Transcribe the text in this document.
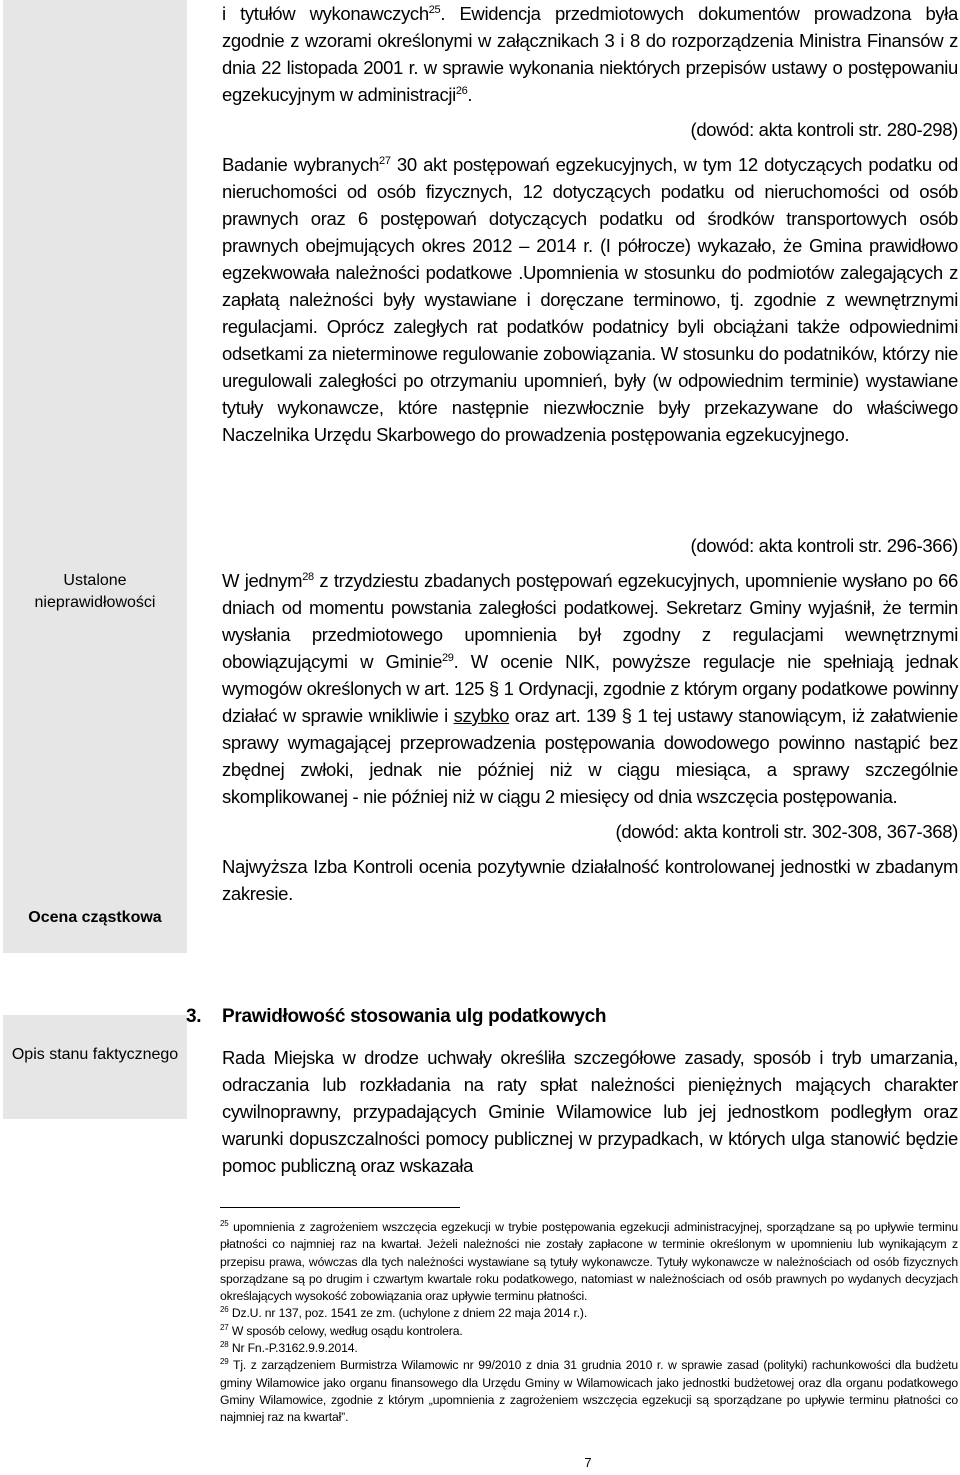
Ustalone nieprawidłowości
Ocena cząstkowa
Opis stanu faktycznego

i tytułów wykonawczych$^{25}$. Ewidencja przedmiotowych dokumentów prowadzona była zgodnie z wzorami określonymi w załącznikach 3 i 8 do rozporządzenia Ministra Finansów z dnia 22 listopada 2001 r. w sprawie wykonania niektórych przepisów ustawy o postępowaniu egzekucyjnym w administracji$^{26}$.

(dowód: akta kontroli str. 280-298)

Badanie wybranych$^{27}$ 30 akt postępowań egzekucyjnych, w tym 12 dotyczących podatku od nieruchomości od osób fizycznych, 12 dotyczących podatku od nieruchomości od osób prawnych oraz 6 postępowań dotyczących podatku od środków transportowych osób prawnych obejmujących okres 2012 – 2014 r. (I półrocze) wykazało, że Gmina prawidłowo egzekwowała należności podatkowe .Upomnienia w stosunku do podmiotów zalegających z zapłatą należności były wystawiane i doręczane terminowo, tj. zgodnie z wewnętrznymi regulacjami. Oprócz zaległych rat podatków podatnicy byli obciążani także odpowiednimi odsetkami za nieterminowe regulowanie zobowiązania. W stosunku do podatników, którzy nie uregulowali zaległości po otrzymaniu upomnień, były (w odpowiednim terminie) wystawiane tytuły wykonawcze, które następnie niezwłocznie były przekazywane do właściwego Naczelnika Urzędu Skarbowego do prowadzenia postępowania egzekucyjnego.

(dowód: akta kontroli str. 296-366)

W jednym$^{28}$ z trzydziestu zbadanych postępowań egzekucyjnych, upomnienie wysłano po 66 dniach od momentu powstania zaległości podatkowej. Sekretarz Gminy wyjaśnił, że termin wysłania przedmiotowego upomnienia był zgodny z regulacjami wewnętrznymi obowiązującymi w Gminie$^{29}$. W ocenie NIK, powyższe regulacje nie spełniają jednak wymogów określonych w art. 125 § 1 Ordynacji, zgodnie z którym organy podatkowe powinny działać w sprawie wnikliwie i szybko oraz art. 139 § 1 tej ustawy stanowiącym, iż załatwienie sprawy wymagającej przeprowadzenia postępowania dowodowego powinno nastąpić bez zbędnej zwłoki, jednak nie później niż w ciągu miesiąca, a sprawy szczególnie skomplikowanej - nie później niż w ciągu 2 miesięcy od dnia wszczęcia postępowania.

(dowód: akta kontroli str. 302-308, 367-368)

Najwyższa Izba Kontroli ocenia pozytywnie działalność kontrolowanej jednostki w zbadanym zakresie.

3. Prawidłowość stosowania ulg podatkowych

Rada Miejska w drodze uchwały określiła szczegółowe zasady, sposób i tryb umarzania, odraczania lub rozkładania na raty spłat należności pieniężnych mających charakter cywilnoprawny, przypadających Gminie Wilamowice lub jej jednostkom podległym oraz warunki dopuszczalności pomocy publicznej w przypadkach, w których ulga stanowić będzie pomoc publiczną oraz wskazała

$^{25}$ upomnienia z zagrożeniem wszczęcia egzekucji w trybie postępowania egzekucji administracyjnej, sporządzane są po upływie terminu płatności co najmniej raz na kwartał. Jeżeli należności nie zostały zapłacone w terminie określonym w upomnieniu lub wynikającym z przepisu prawa, wówczas dla tych należności wystawiane są tytuły wykonawcze. Tytuły wykonawcze w należnościach od osób fizycznych sporządzane są po drugim i czwartym kwartale roku podatkowego, natomiast w należnościach od osób prawnych po wydanych decyzjach określających wysokość zobowiązania oraz upływie terminu płatności.

$^{26}$ Dz.U. nr 137, poz. 1541 ze zm. (uchylone z dniem 22 maja 2014 r.).

$^{27}$ W sposób celowy, według osądu kontrolera.

$^{28}$ Nr Fn.-P.3162.9.9.2014.

$^{29}$ Tj. z zarządzeniem Burmistrza Wilamowic nr 99/2010 z dnia 31 grudnia 2010 r. w sprawie zasad (polityki) rachunkowości dla budżetu gminy Wilamowice jako organu finansowego dla Urzędu Gminy w Wilamowicach jako jednostki budżetowej oraz dla organu podatkowego Gminy Wilamowice, zgodnie z którym „upomnienia z zagrożeniem wszczęcia egzekucji są sporządzane po upływie terminu płatności co najmniej raz na kwartał”.

7
